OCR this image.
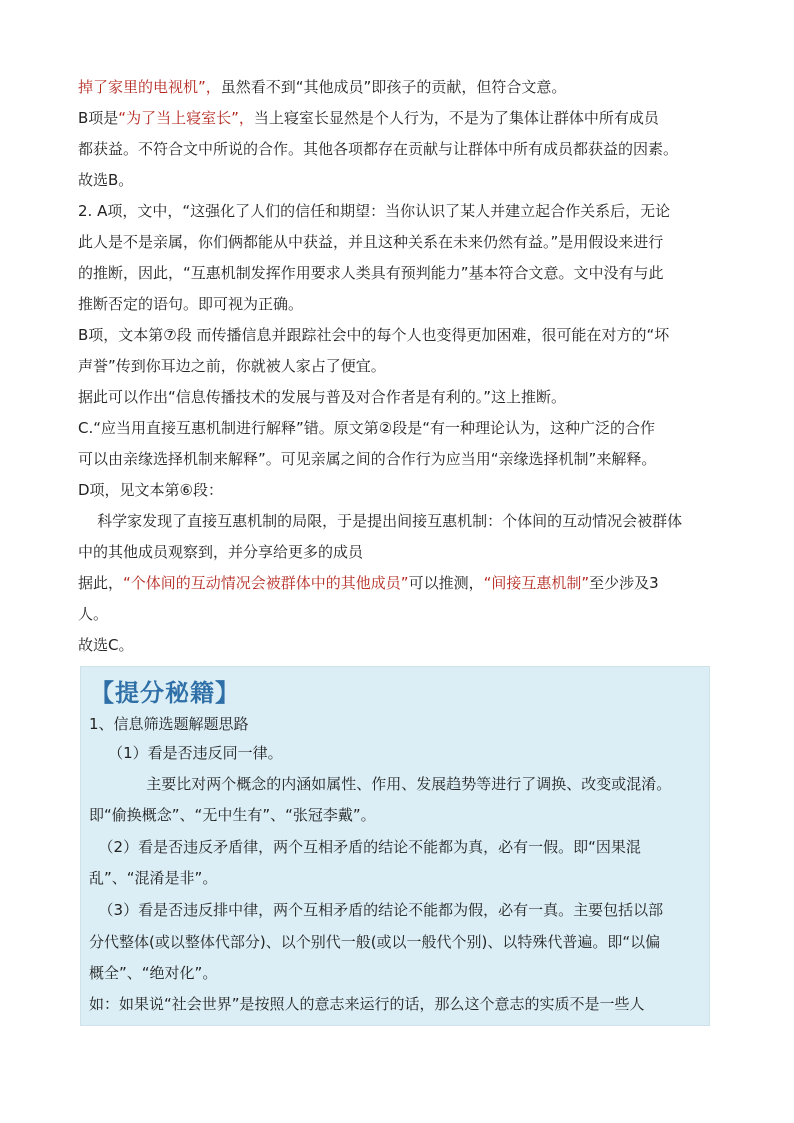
掉了家里的电视机”，虽然看不到“其他成员”即孩子的贡献，但符合文意。
B项是“为了当上寝室长”，当上寝室长显然是个人行为，不是为了集体让群体中所有成员
都获益。不符合文中所说的合作。其他各项都存在贡献与让群体中所有成员都获益的因素。
故选B。
2. A项，文中，“这强化了人们的信任和期望：当你认识了某人并建立起合作关系后，无论
此人是不是亲属，你们俩都能从中获益，并且这种关系在未来仍然有益。”是用假设来进行
的推断，因此，“互惠机制发挥作用要求人类具有预判能力”基本符合文意。文中没有与此
推断否定的语句。即可视为正确。
B项，文本第⑦段 而传播信息并跟踪社会中的每个人也变得更加困难，很可能在对方的“坏
声誉”传到你耳边之前，你就被人家占了便宜。
据此可以作出“信息传播技术的发展与普及对合作者是有利的。”这上推断。
C.“应当用直接互惠机制进行解释”错。原文第②段是“有一种理论认为，这种广泛的合作
可以由亲缘选择机制来解释”。可见亲属之间的合作行为应当用“亲缘选择机制”来解释。
D项，见文本第⑥段：
科学家发现了直接互惠机制的局限，于是提出间接互惠机制：个体间的互动情况会被群体
中的其他成员观察到，并分享给更多的成员
据此，“个体间的互动情况会被群体中的其他成员”可以推测，“间接互惠机制”至少涉及3
人。
故选C。
【提分秘籍】
1、信息筛选题解题思路
（1）看是否违反同一律。
主要比对两个概念的内涵如属性、作用、发展趋势等进行了调换、改变或混淆。
即“偷换概念”、“无中生有”、“张冠李戴”。
（2）看是否违反矛盾律，两个互相矛盾的结论不能都为真，必有一假。即“因果混
乱”、“混淆是非”。
（3）看是否违反排中律，两个互相矛盾的结论不能都为假，必有一真。主要包括以部
分代整体(或以整体代部分)、以个别代一般(或以一般代个别)、以特殊代普遍。即“以偏
概全”、“绝对化”。
如：如果说“社会世界”是按照人的意志来运行的话，那么这个意志的实质不是一些人
